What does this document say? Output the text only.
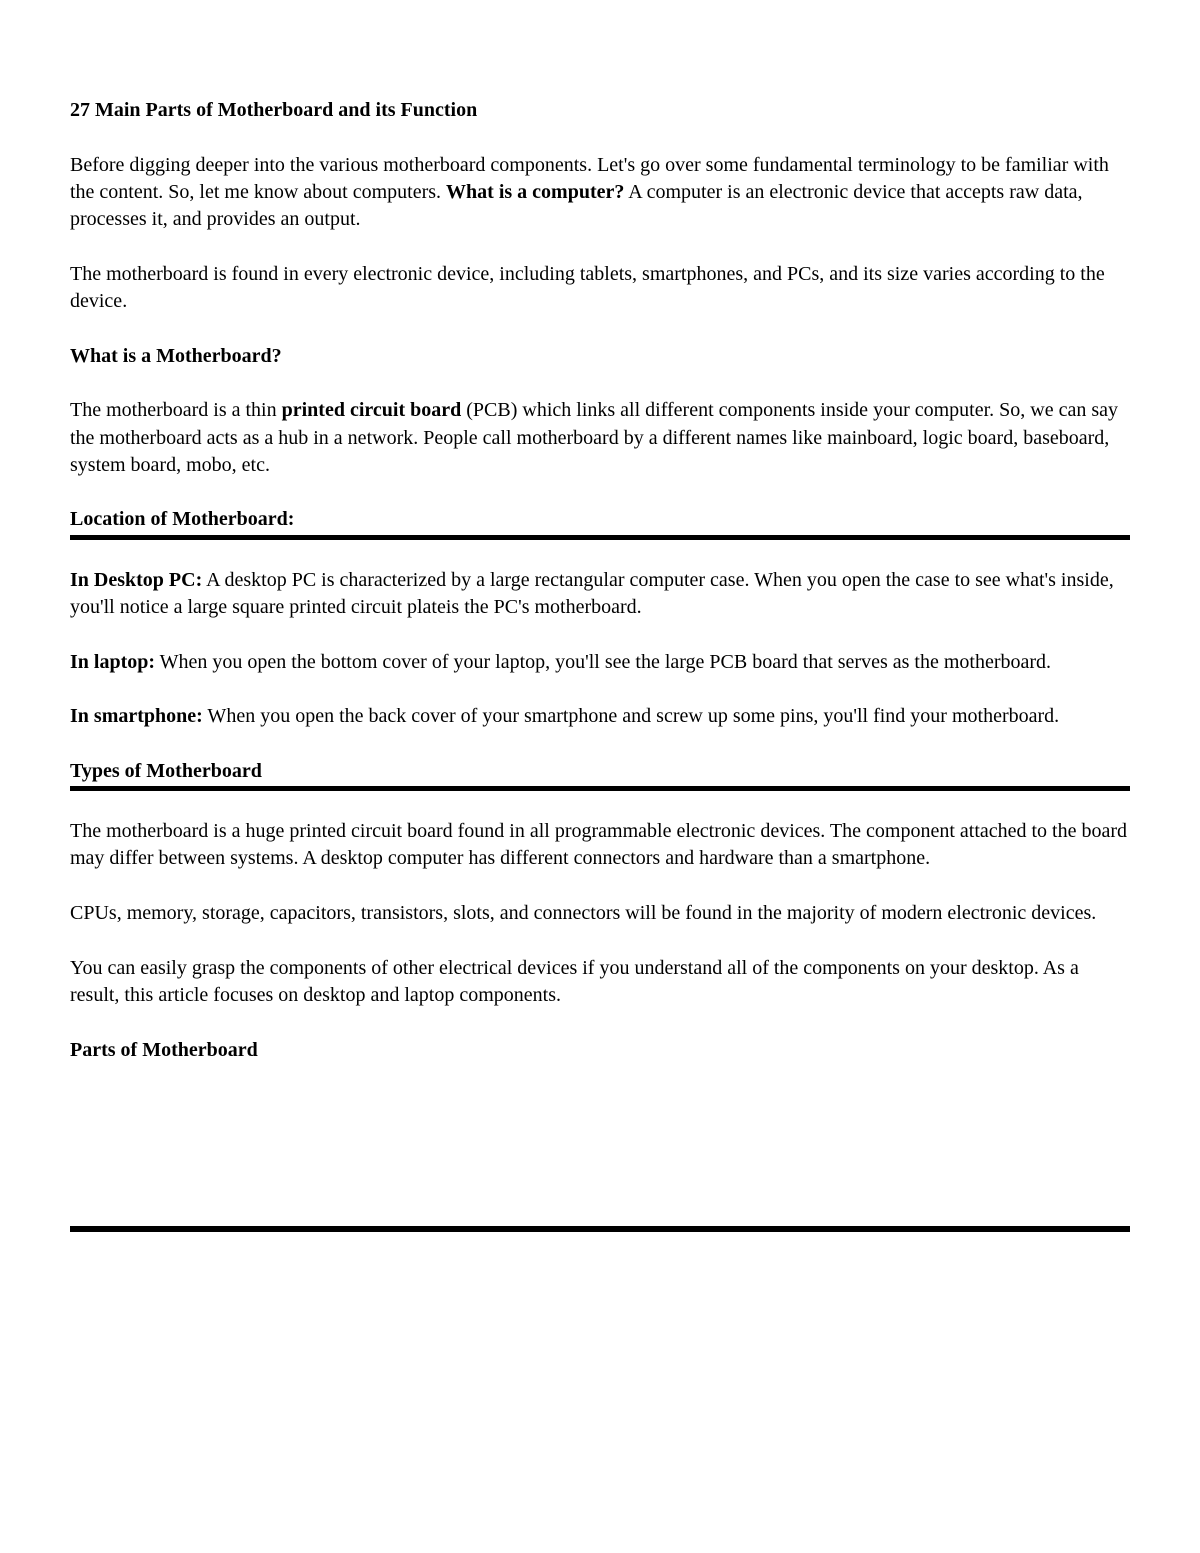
27 Main Parts of Motherboard and its Function

Before digging deeper into the various motherboard components. Let's go over some fundamental terminology to be familiar with the content. So, let me know about computers. What is a computer? A computer is an electronic device that accepts raw data, processes it, and provides an output.

The motherboard is found in every electronic device, including tablets, smartphones, and PCs, and its size varies according to the device.

What is a Motherboard?

The motherboard is a thin printed circuit board (PCB) which links all different components inside your computer. So, we can say the motherboard acts as a hub in a network. People call motherboard by a different names like mainboard, logic board, baseboard, system board, mobo, etc.

Location of Motherboard:

In Desktop PC: A desktop PC is characterized by a large rectangular computer case. When you open the case to see what's inside, you'll notice a large square printed circuit plateis the PC's motherboard.

In laptop: When you open the bottom cover of your laptop, you'll see the large PCB board that serves as the motherboard.

In smartphone: When you open the back cover of your smartphone and screw up some pins, you'll find your motherboard.

Types of Motherboard

The motherboard is a huge printed circuit board found in all programmable electronic devices. The component attached to the board may differ between systems. A desktop computer has different connectors and hardware than a smartphone.

CPUs, memory, storage, capacitors, transistors, slots, and connectors will be found in the majority of modern electronic devices.

You can easily grasp the components of other electrical devices if you understand all of the components on your desktop. As a result, this article focuses on desktop and laptop components.

Parts of Motherboard
